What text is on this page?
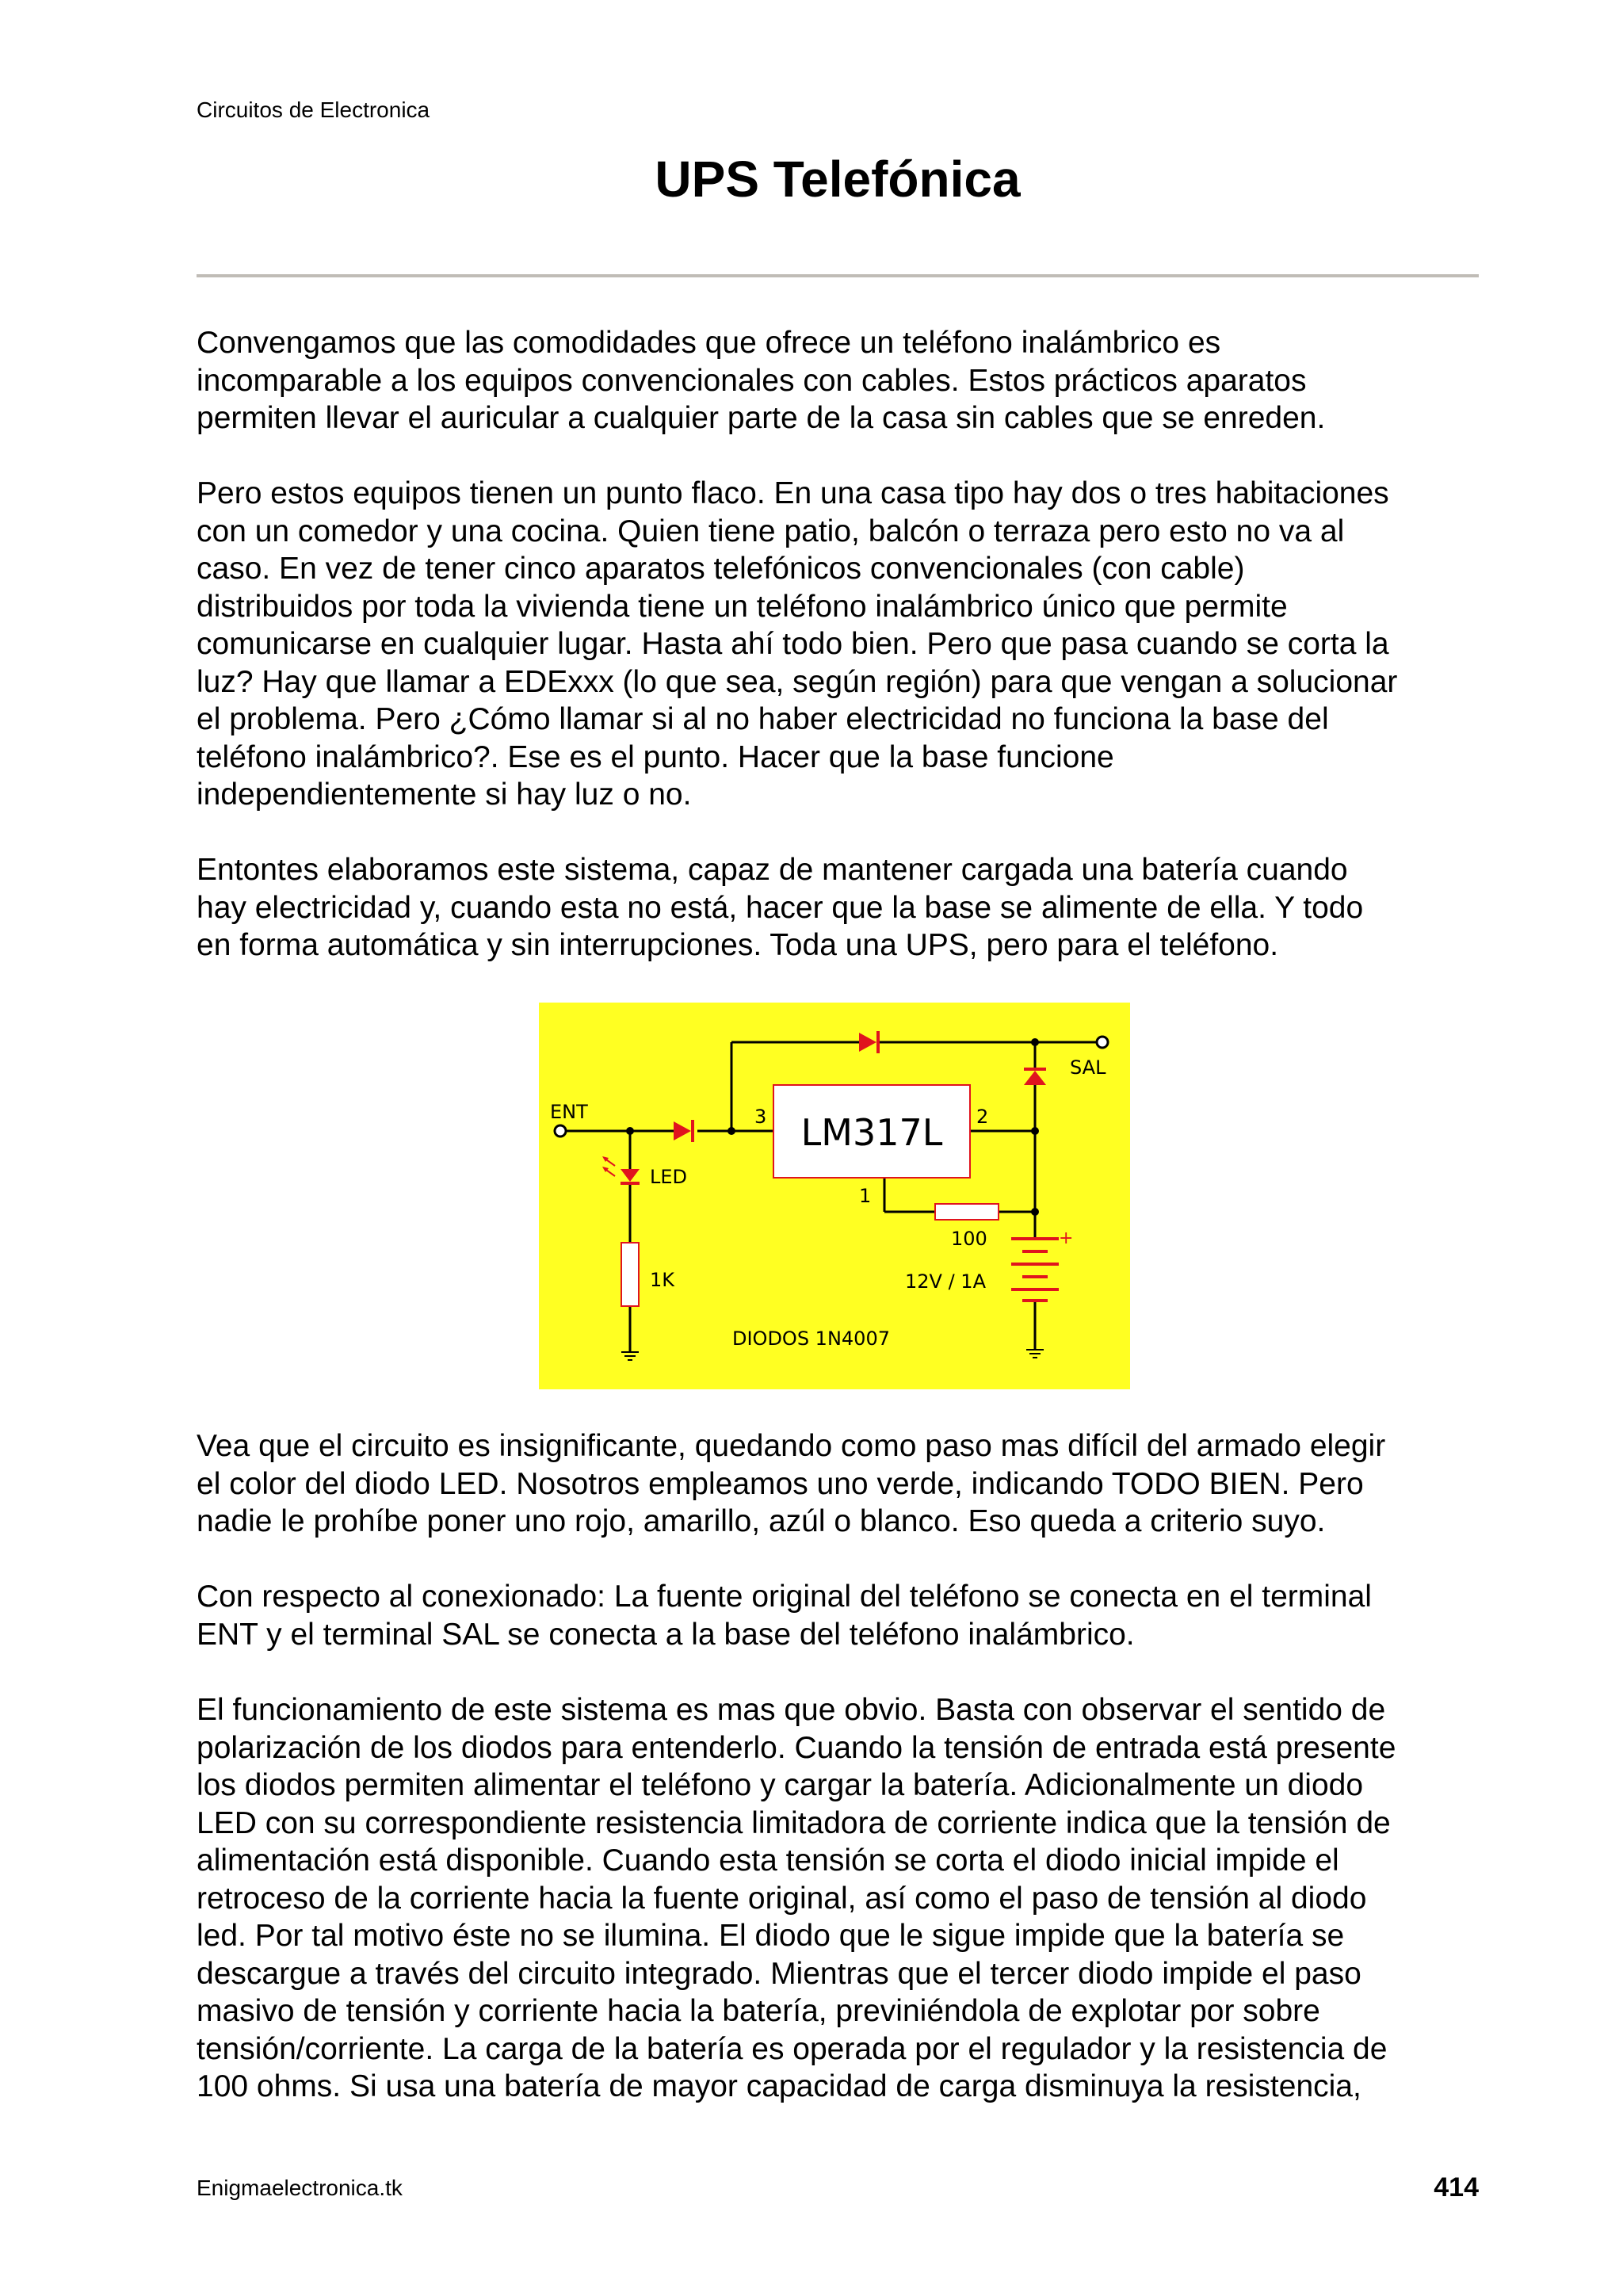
Circuitos de Electronica
UPS Telefónica

Convengamos que las comodidades que ofrece un teléfono inalámbrico es
incomparable a los equipos convencionales con cables. Estos prácticos aparatos
permiten llevar el auricular a cualquier parte de la casa sin cables que se enreden.

Pero estos equipos tienen un punto flaco. En una casa tipo hay dos o tres habitaciones
con un comedor y una cocina. Quien tiene patio, balcón o terraza pero esto no va al
caso. En vez de tener cinco aparatos telefónicos convencionales (con cable)
distribuidos por toda la vivienda tiene un teléfono inalámbrico único que permite
comunicarse en cualquier lugar. Hasta ahí todo bien. Pero que pasa cuando se corta la
luz? Hay que llamar a EDExxx (lo que sea, según región) para que vengan a solucionar
el problema. Pero ¿Cómo llamar si al no haber electricidad no funciona la base del
teléfono inalámbrico?. Ese es el punto. Hacer que la base funcione
independientemente si hay luz o no.

Entontes elaboramos este sistema, capaz de mantener cargada una batería cuando
hay electricidad y, cuando esta no está, hacer que la base se alimente de ella. Y todo
en forma automática y sin interrupciones. Toda una UPS, pero para el teléfono.

LM317L
ENT
SAL
3	2
1
LED
1K
100
12V / 1A
+
DIODOS 1N4007

Vea que el circuito es insignificante, quedando como paso mas difícil del armado elegir
el color del diodo LED. Nosotros empleamos uno verde, indicando TODO BIEN. Pero
nadie le prohíbe poner uno rojo, amarillo, azúl o blanco. Eso queda a criterio suyo.

Con respecto al conexionado: La fuente original del teléfono se conecta en el terminal
ENT y el terminal SAL se conecta a la base del teléfono inalámbrico.

El funcionamiento de este sistema es mas que obvio. Basta con observar el sentido de
polarización de los diodos para entenderlo. Cuando la tensión de entrada está presente
los diodos permiten alimentar el teléfono y cargar la batería. Adicionalmente un diodo
LED con su correspondiente resistencia limitadora de corriente indica que la tensión de
alimentación está disponible. Cuando esta tensión se corta el diodo inicial impide el
retroceso de la corriente hacia la fuente original, así como el paso de tensión al diodo
led. Por tal motivo éste no se ilumina. El diodo que le sigue impide que la batería se
descargue a través del circuito integrado. Mientras que el tercer diodo impide el paso
masivo de tensión y corriente hacia la batería, previniéndola de explotar por sobre
tensión/corriente. La carga de la batería es operada por el regulador y la resistencia de
100 ohms. Si usa una batería de mayor capacidad de carga disminuya la resistencia,

Enigmaelectronica.tk	414
